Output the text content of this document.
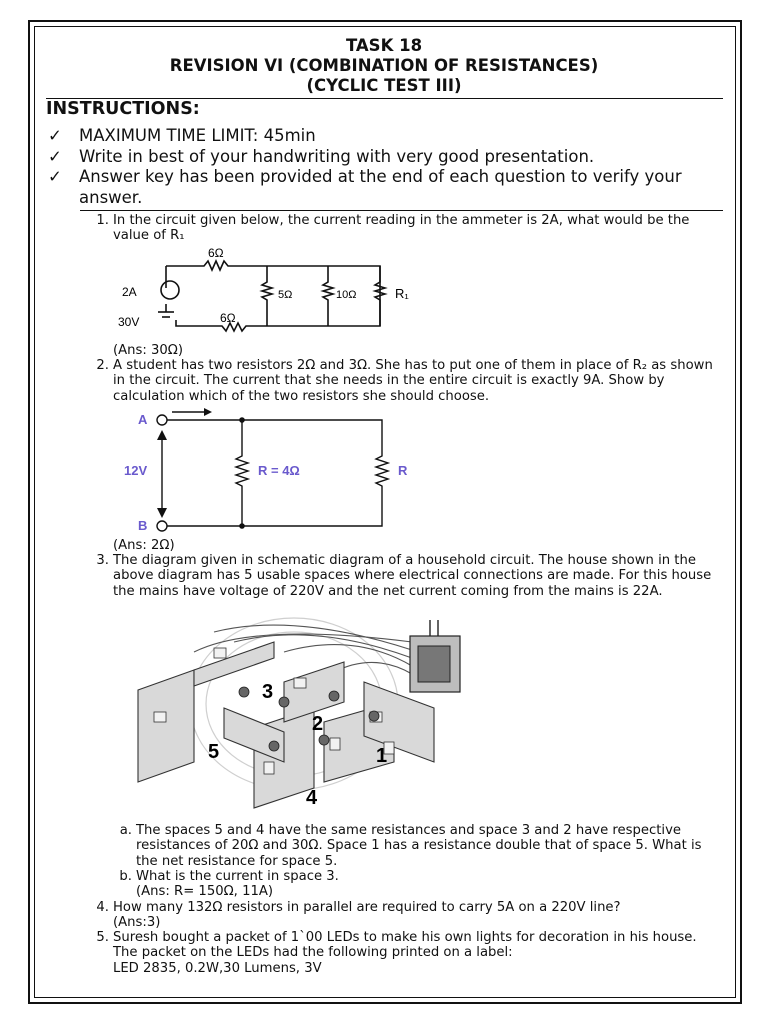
TASK 18
REVISION VI (COMBINATION OF RESISTANCES)
(CYCLIC TEST III)
INSTRUCTIONS:
✓ MAXIMUM TIME LIMIT: 45min
✓ Write in best of your handwriting with very good presentation.
✓ Answer key has been provided at the end of each question to verify your answer.
1. In the circuit given below, the current reading in the ammeter is 2A, what would be the value of R₁
6Ω
6Ω
5Ω	10Ω	R₁
2A
30V
(Ans: 30Ω)
2. A student has two resistors 2Ω and 3Ω. She has to put one of them in place of R₂ as shown in the circuit. The current that she needs in the entire circuit is exactly 9A. Show by calculation which of the two resistors she should choose.
A
B
12V	R = 4Ω	R
(Ans: 2Ω)
3. The diagram given in schematic diagram of a household circuit. The house shown in the above diagram has 5 usable spaces where electrical connections are made. For this house the mains have voltage of 220V and the net current coming from the mains is 22A.
3
2
1
5
4
a. The spaces 5 and 4 have the same resistances and space 3 and 2 have respective resistances of 20Ω and 30Ω. Space 1 has a resistance double that of space 5. What is the net resistance for space 5.
b. What is the current in space 3.
(Ans: R= 150Ω, 11A)
4. How many 132Ω resistors in parallel are required to carry 5A on a 220V line?
(Ans:3)
5. Suresh bought a packet of 1`00 LEDs to make his own lights for decoration in his house. The packet on the LEDs had the following printed on a label:
LED 2835, 0.2W,30 Lumens, 3V
